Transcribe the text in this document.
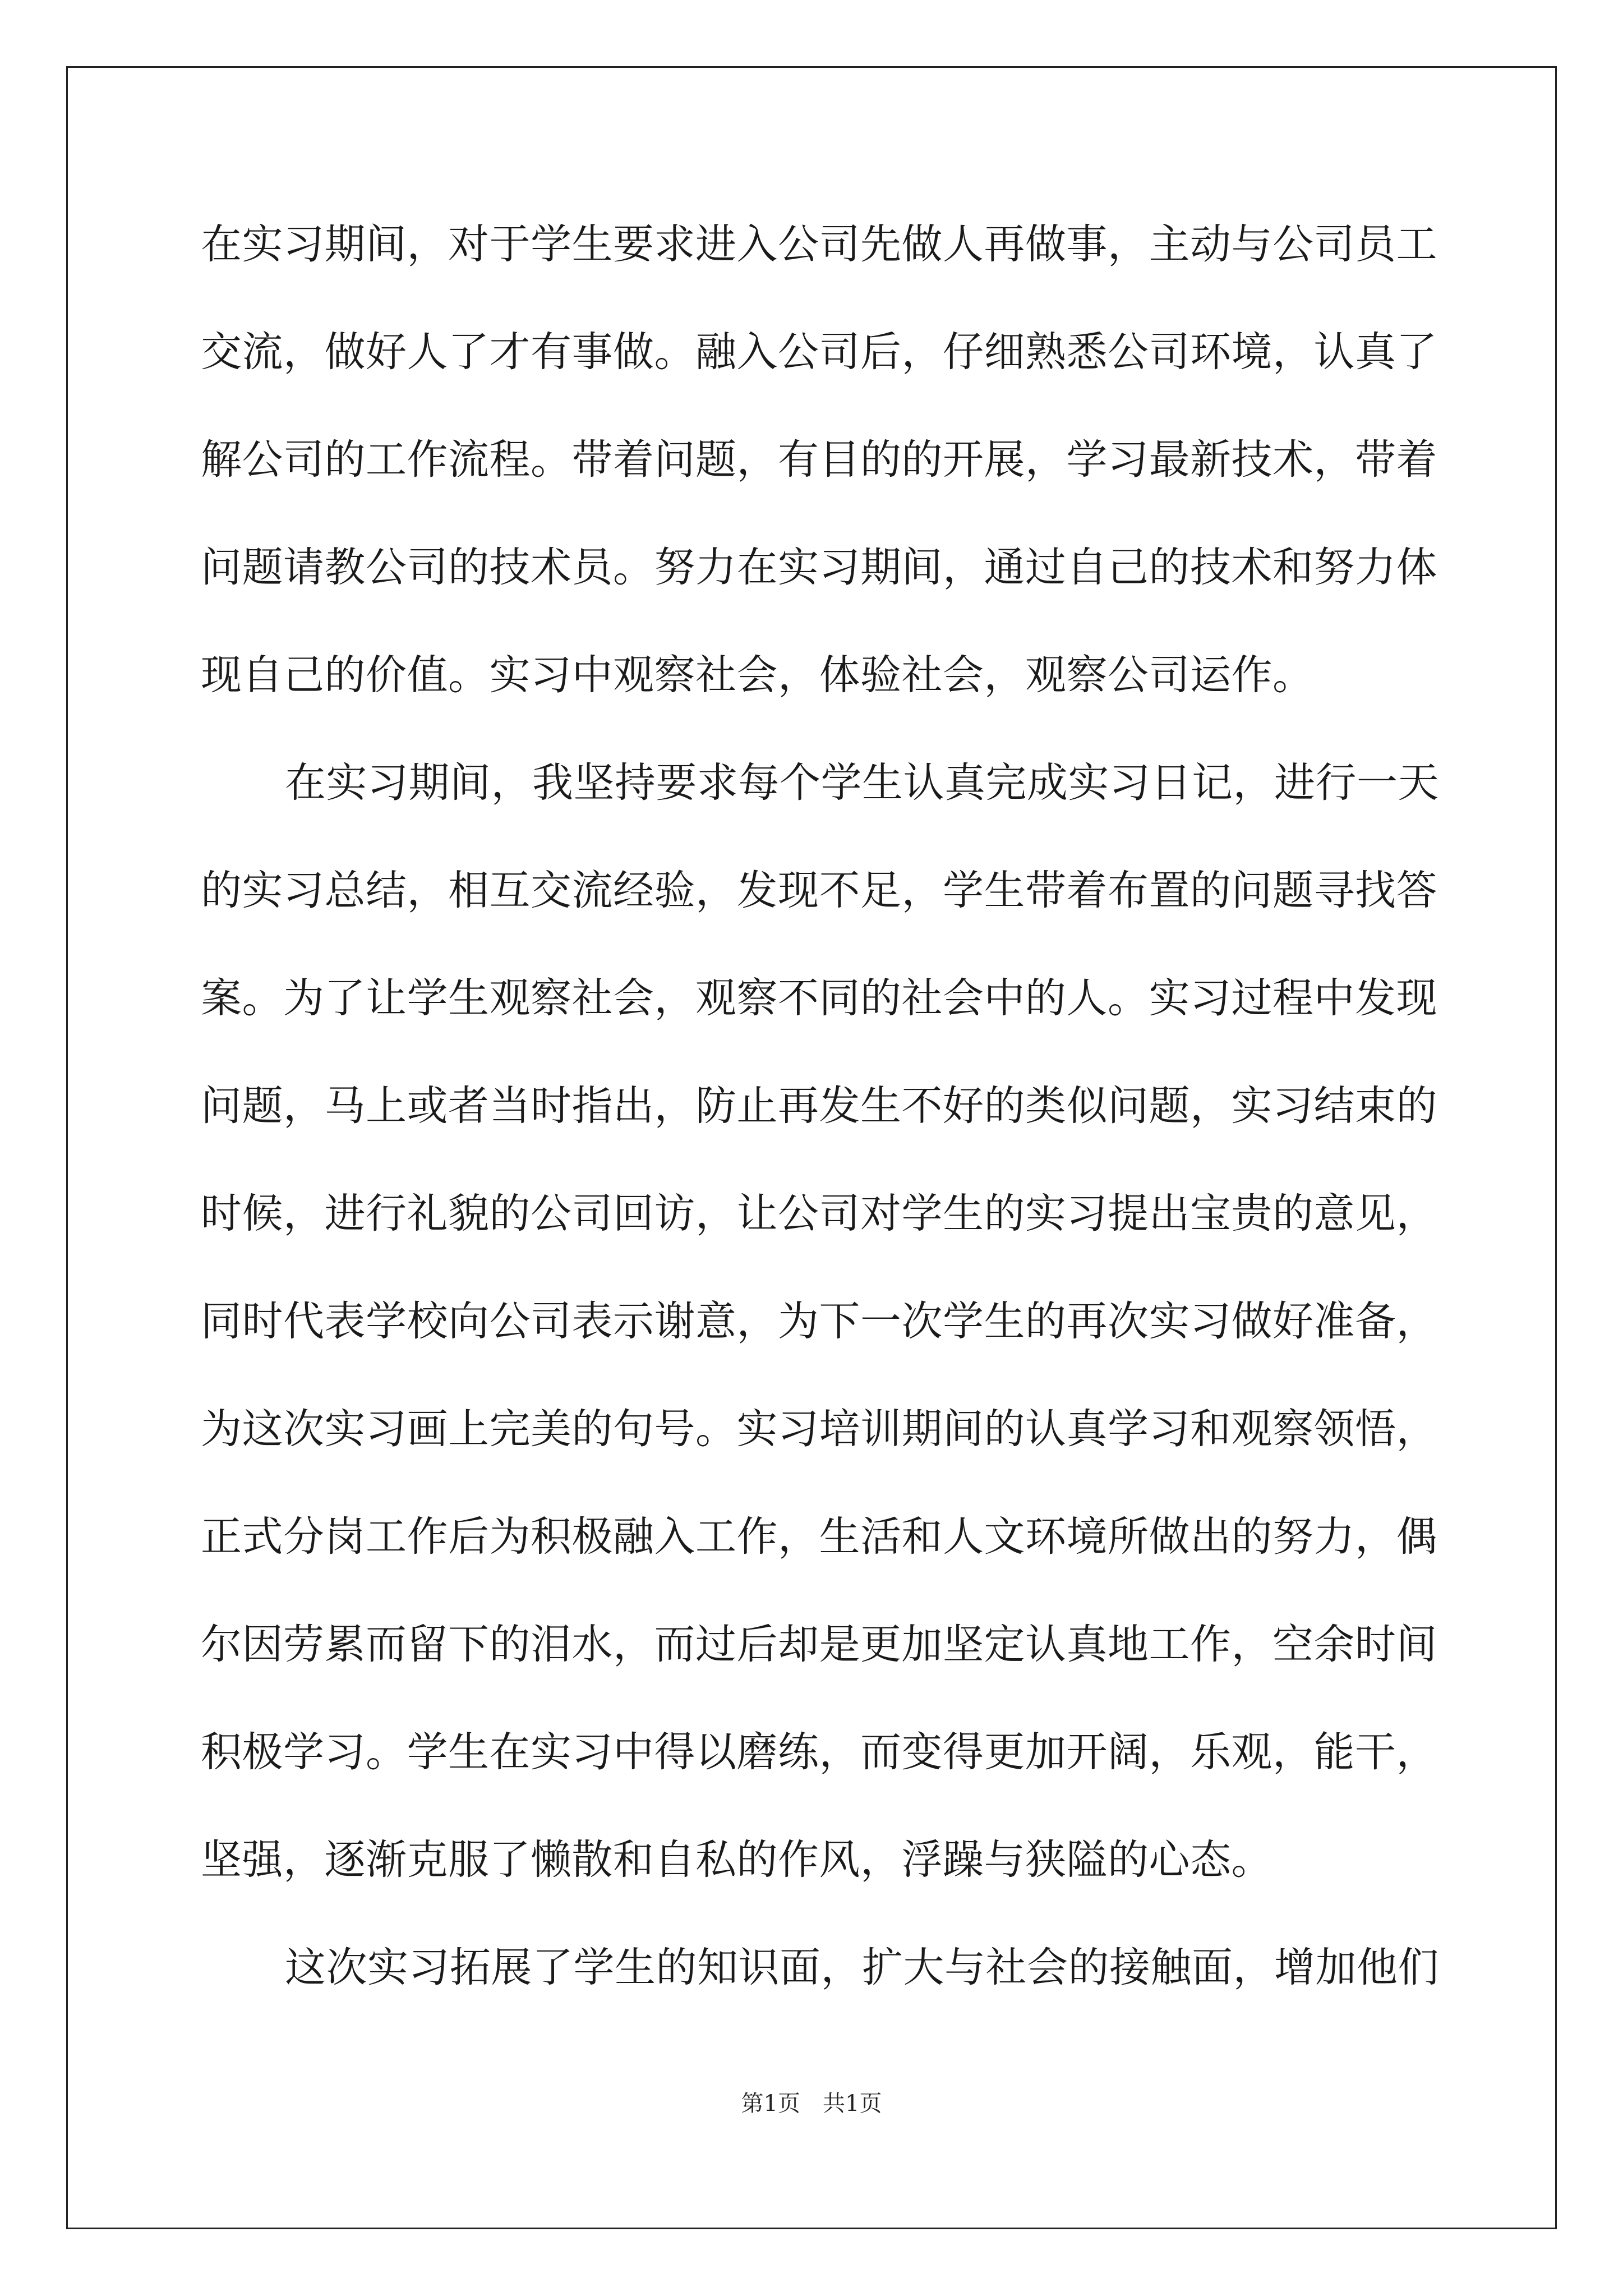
在实习期间，对于学生要求进入公司先做人再做事，主动与公司员工
交流，做好人了才有事做。融入公司后，仔细熟悉公司环境，认真了
解公司的工作流程。带着问题，有目的的开展，学习最新技术，带着
问题请教公司的技术员。努力在实习期间，通过自己的技术和努力体
现自己的价值。实习中观察社会，体验社会，观察公司运作。
在实习期间，我坚持要求每个学生认真完成实习日记，进行一天
的实习总结，相互交流经验，发现不足，学生带着布置的问题寻找答
案。为了让学生观察社会，观察不同的社会中的人。实习过程中发现
问题，马上或者当时指出，防止再发生不好的类似问题，实习结束的
时候，进行礼貌的公司回访，让公司对学生的实习提出宝贵的意见，
同时代表学校向公司表示谢意，为下一次学生的再次实习做好准备，
为这次实习画上完美的句号。实习培训期间的认真学习和观察领悟，
正式分岗工作后为积极融入工作，生活和人文环境所做出的努力，偶
尔因劳累而留下的泪水，而过后却是更加坚定认真地工作，空余时间
积极学习。学生在实习中得以磨练，而变得更加开阔，乐观，能干，
坚强，逐渐克服了懒散和自私的作风，浮躁与狭隘的心态。
这次实习拓展了学生的知识面，扩大与社会的接触面，增加他们
第1页　共1页
